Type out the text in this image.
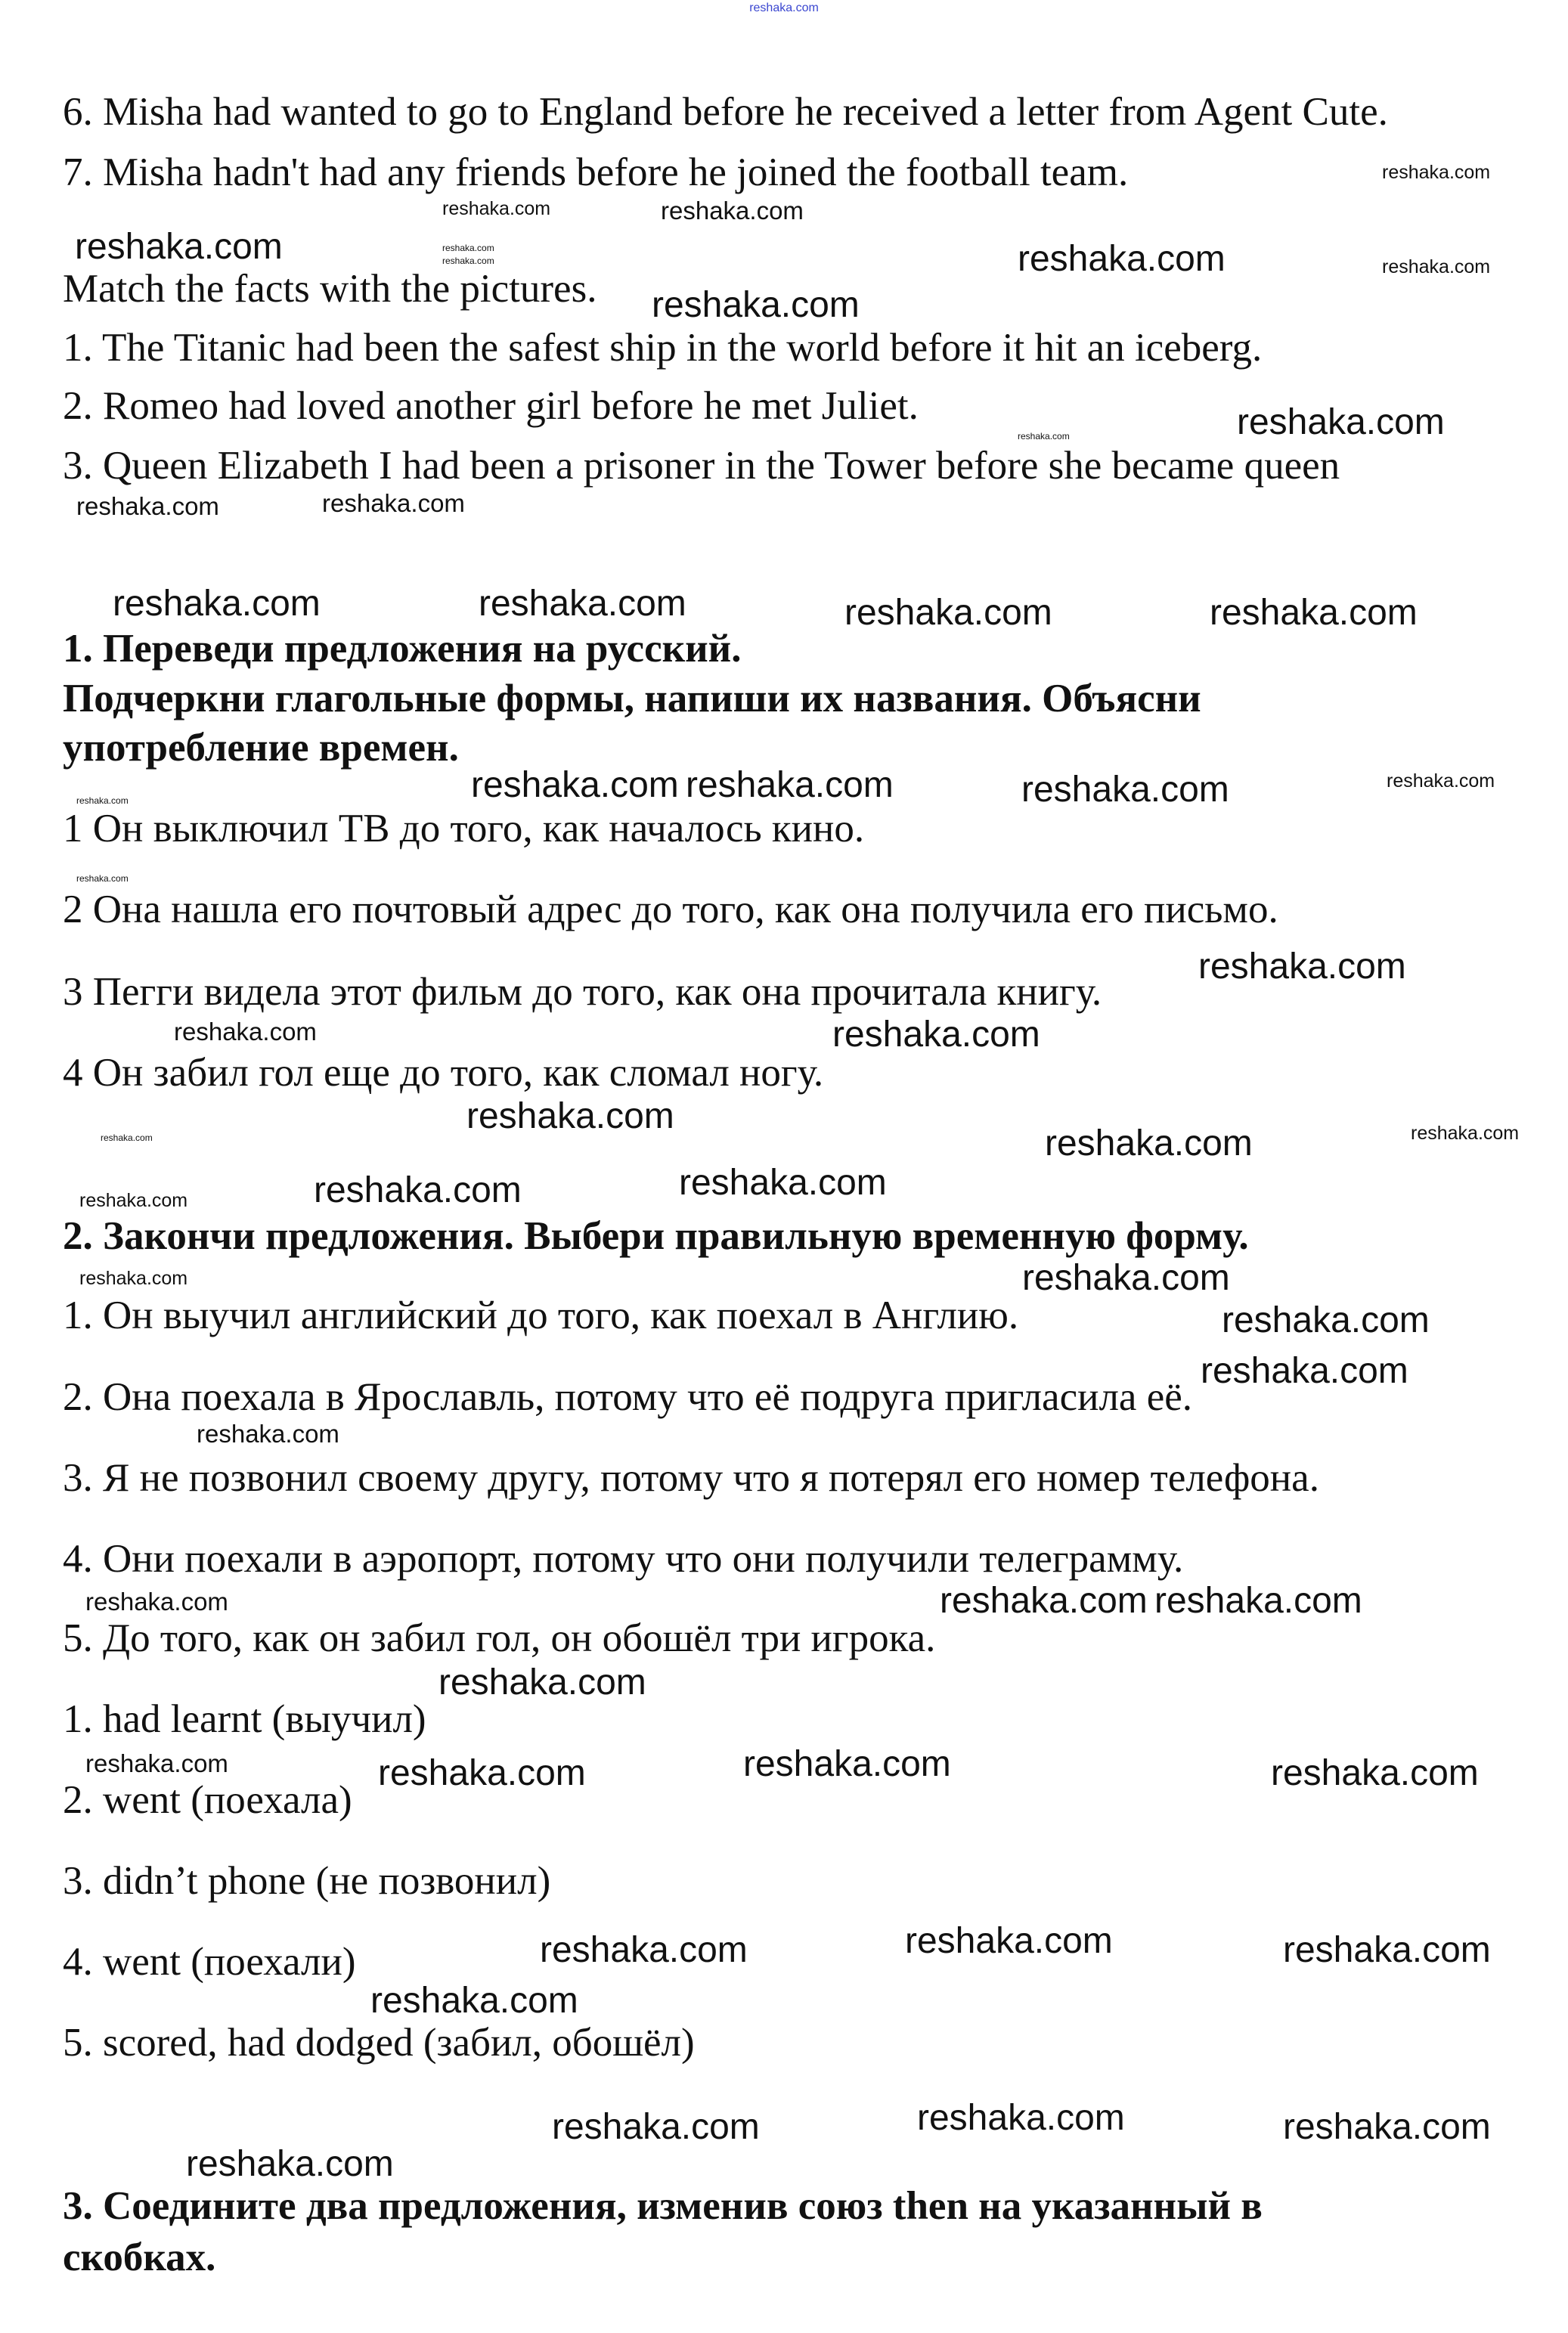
reshaka.com
6. Misha had wanted to go to England before he received a letter from Agent Cute.
7. Misha hadn't had any friends before he joined the football team.
Match the facts with the pictures.
1. The Titanic had been the safest ship in the world before it hit an iceberg.
2. Romeo had loved another girl before he met Juliet.
3. Queen Elizabeth I had been a prisoner in the Tower before she became queen
1. Переведи предложения на русский.
Подчеркни глагольные формы, напиши их названия. Объясни
употребление времен.
1 Он выключил ТВ до того, как началось кино.
2 Она нашла его почтовый адрес до того, как она получила его письмо.
3 Пегги видела этот фильм до того, как она прочитала книгу.
4 Он забил гол еще до того, как сломал ногу.
2. Закончи предложения. Выбери правильную временную форму.
1. Он выучил английский до того, как поехал в Англию.
2. Она поехала в Ярославль, потому что её подруга пригласила её.
3. Я не позвонил своему другу, потому что я потерял его номер телефона.
4. Они поехали в аэропорт, потому что они получили телеграмму.
5. До того, как он забил гол, он обошёл три игрока.
1. had learnt (выучил)
2. went (поехала)
3. didn’t phone (не позвонил)
4. went (поехали)
5. scored, had dodged (забил, обошёл)
3. Соедините два предложения, изменив союз then на указанный в
скобках.
reshaka.com	reshaka.com
reshaka.com
reshaka.com	reshaka.com	reshaka.com	reshaka.com
reshaka.com
reshaka.com
reshaka.com	reshaka.com
reshaka.com	reshaka.com
reshaka.com	reshaka.com	reshaka.com	reshaka.com
reshaka.com	reshaka.com reshaka.com	reshaka.com	reshaka.com
reshaka.com
reshaka.com
reshaka.com
reshaka.com
reshaka.com
reshaka.com	reshaka.com	reshaka.com
reshaka.com	reshaka.com	reshaka.com
reshaka.com
reshaka.com
reshaka.com
reshaka.com
reshaka.com
reshaka.com
reshaka.com reshaka.com
reshaka.com
reshaka.com	reshaka.com	reshaka.com	reshaka.com
reshaka.com	reshaka.com	reshaka.com
reshaka.com
reshaka.com	reshaka.com	reshaka.com
reshaka.com
